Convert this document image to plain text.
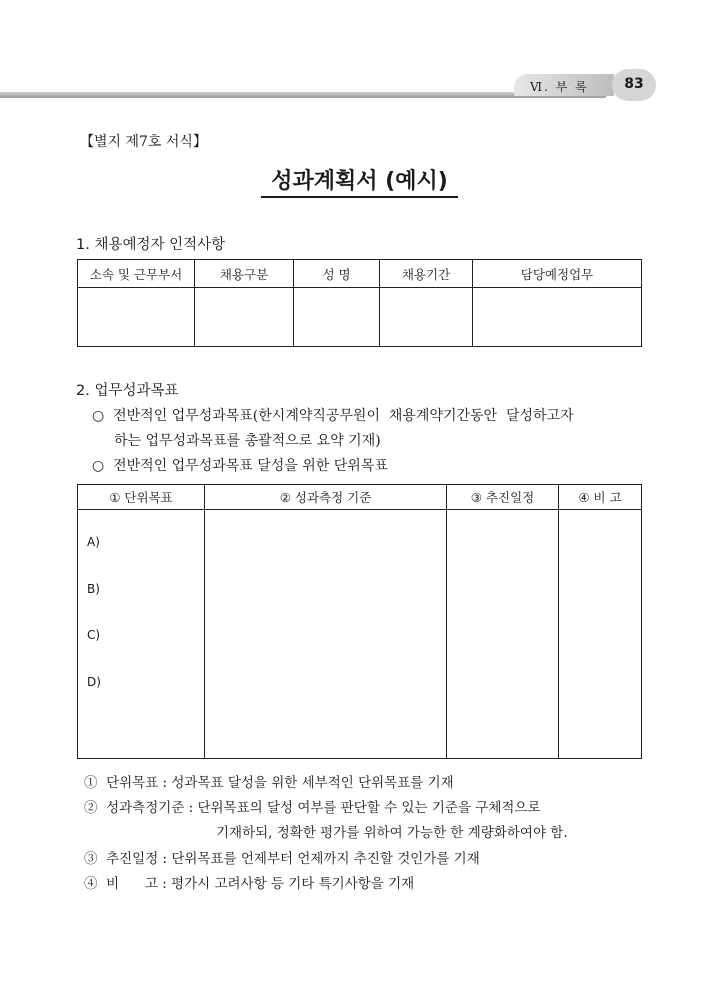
Ⅵ. 부 록	83
【별지 제7호 서식】
성과계획서 (예시)
1. 채용예정자 인적사항
소속 및 근무부서	채용구분	성 명	채용기간	담당예정업무

2. 업무성과목표
○  전반적인 업무성과목표(한시계약직공무원이  채용계약기간동안  달성하고자
하는 업무성과목표를 총괄적으로 요약 기재)
○  전반적인 업무성과목표 달성을 위한 단위목표
① 단위목표	② 성과측정 기준	③ 추진일정	④ 비 고

A)
B)
C)
D)
①  단위목표 : 성과목표 달성을 위한 세부적인 단위목표를 기재
②  성과측정기준 : 단위목표의 달성 여부를 판단할 수 있는 기준을 구체적으로
기재하되, 정확한 평가를 위하여 가능한 한 계량화하여야 함.
③  추진일정 : 단위목표를 언제부터 언제까지 추진할 것인가를 기재
④  비      고 : 평가시 고려사항 등 기타 특기사항을 기재
